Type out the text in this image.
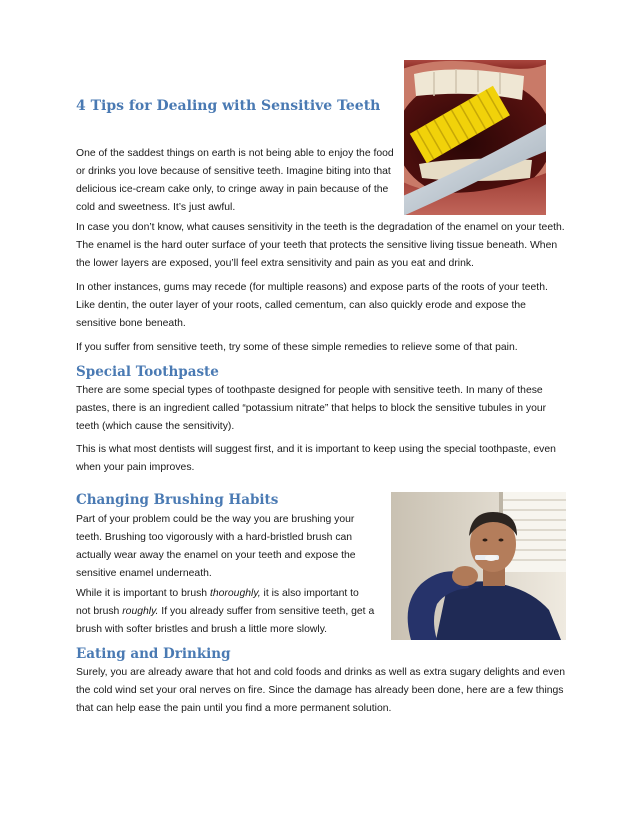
4 Tips for Dealing with Sensitive Teeth

One of the saddest things on earth is not being able to enjoy the food or drinks you love because of sensitive teeth. Imagine biting into that delicious ice-cream cake only, to cringe away in pain because of the cold and sweetness. It’s just awful.

In case you don’t know, what causes sensitivity in the teeth is the degradation of the enamel on your teeth. The enamel is the hard outer surface of your teeth that protects the sensitive living tissue beneath. When the lower layers are exposed, you’ll feel extra sensitivity and pain as you eat and drink.

In other instances, gums may recede (for multiple reasons) and expose parts of the roots of your teeth. Like dentin, the outer layer of your roots, called cementum, can also quickly erode and expose the sensitive bone beneath.

If you suffer from sensitive teeth, try some of these simple remedies to relieve some of that pain.

Special Toothpaste

There are some special types of toothpaste designed for people with sensitive teeth. In many of these pastes, there is an ingredient called “potassium nitrate” that helps to block the sensitive tubules in your teeth (which cause the sensitivity).

This is what most dentists will suggest first, and it is important to keep using the special toothpaste, even when your pain improves.

Changing Brushing Habits

Part of your problem could be the way you are brushing your teeth. Brushing too vigorously with a hard-bristled brush can actually wear away the enamel on your teeth and expose the sensitive enamel underneath.

While it is important to brush thoroughly, it is also important to not brush roughly. If you already suffer from sensitive teeth, get a brush with softer bristles and brush a little more slowly.

Eating and Drinking

Surely, you are already aware that hot and cold foods and drinks as well as extra sugary delights and even the cold wind set your oral nerves on fire. Since the damage has already been done, here are a few things that can help ease the pain until you find a more permanent solution.
